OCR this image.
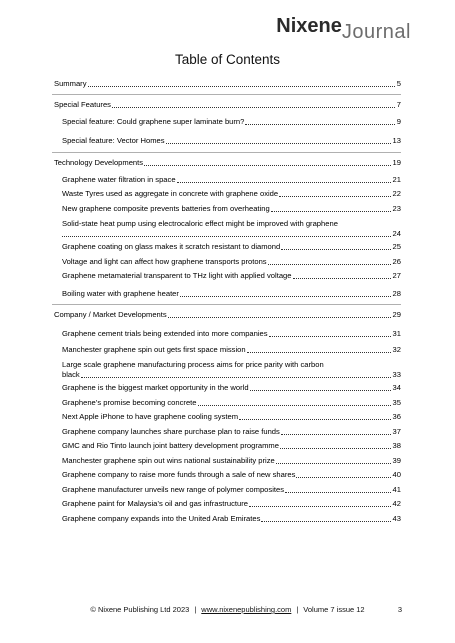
NixeneJournal
Table of Contents
Summary	5
Special Features	7
Special feature: Could graphene super laminate burn?	9
Special feature: Vector Homes	13
Technology Developments	19
Graphene water filtration in space	21
Waste Tyres used as aggregate in concrete with graphene oxide	22
New graphene composite prevents batteries from overheating	23
Solid-state heat pump using electrocaloric effect might be improved with graphene
24
Graphene coating on glass makes it scratch resistant to diamond	25
Voltage and light can affect how graphene transports protons	26
Graphene metamaterial transparent to THz light with applied voltage	27
Boiling water with graphene heater	28
Company / Market Developments	29
Graphene cement trials being extended into more companies	31
Manchester graphene spin out gets first space mission	32
Large scale graphene manufacturing process aims for price parity with carbon
black	33
Graphene is the biggest market opportunity in the world	34
Graphene’s promise becoming concrete	35
Next Apple iPhone to have graphene cooling system	36
Graphene company launches share purchase plan to raise funds	37
GMC and Rio Tinto launch joint battery development programme	38
Manchester graphene spin out wins national sustainability prize	39
Graphene company to raise more funds through a sale of new shares	40
Graphene manufacturer unveils new range of polymer composites	41
Graphene paint for Malaysia’s oil and gas infrastructure	42
Graphene company expands into the United Arab Emirates	43
© Nixene Publishing Ltd 2023 | www.nixenepublishing.com | Volume 7 issue 12	3
